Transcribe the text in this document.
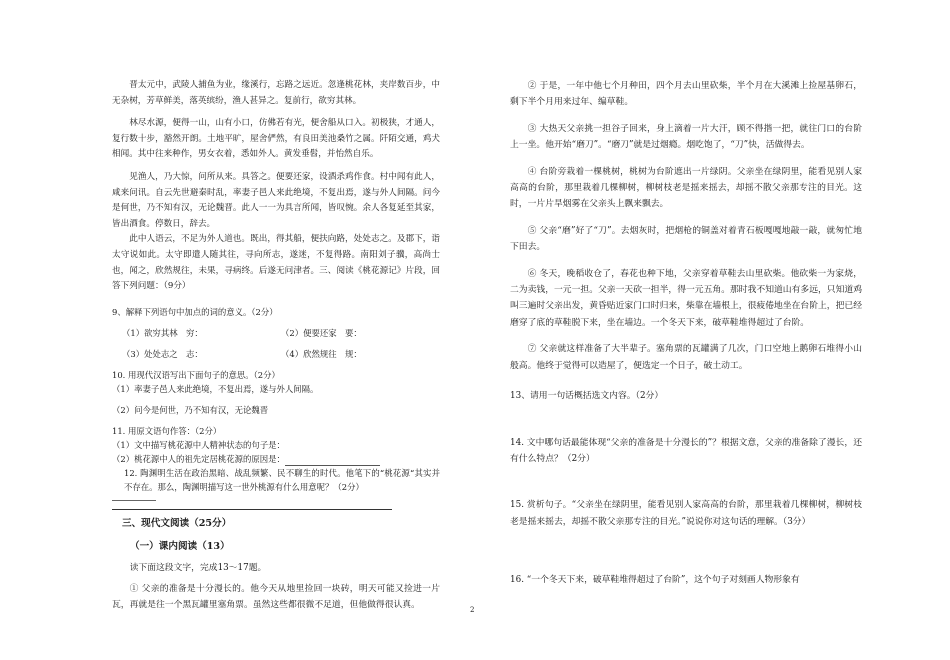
晋太元中，武陵人捕鱼为业，缘溪行，忘路之远近。忽逢桃花林，夹岸数百步，中无杂树，芳草鲜美，落英缤纷，渔人甚异之。复前行，欲穷其林。

林尽水源，便得一山，山有小口，仿佛若有光，便舍船从口入。初极狭，才通人，复行数十步，豁然开朗。土地平旷，屋舍俨然，有良田美池桑竹之属。阡陌交通，鸡犬相闻。其中往来种作，男女衣着，悉如外人。黄发垂髫，并怡然自乐。

见渔人，乃大惊，问所从来。具答之。便要还家，设酒杀鸡作食。村中闻有此人，咸来问讯。自云先世避秦时乱，率妻子邑人来此绝境，不复出焉，遂与外人间隔。问今是何世，乃不知有汉，无论魏晋。此人一一为具言所闻，皆叹惋。余人各复延至其家，皆出酒食。停数日，辞去。

此中人语云，不足为外人道也。既出，得其船，便扶向路，处处志之。及郡下，诣太守说如此。太守即遣人随其往，寻向所志，遂迷，不复得路。南阳刘子骥，高尚士也，闻之，欣然规往，未果，寻病终。后遂无问津者。三、阅读《桃花源记》片段，回答下列问题：（9分）

9、解释下列语句中加点的词的意义。（2分）

（1）欲穷其林　穷：	（2）便要还家　要：
（3）处处志之　志：	（4）欣然规往　规：

10. 用现代汉语写出下面句子的意思。（2分）

（1）率妻子邑人来此绝境，不复出焉，遂与外人间隔。

（2）问今是何世，乃不知有汉，无论魏晋

11. 用原文语句作答：（2分）

（1）文中描写桃花源中人精神状态的句子是：

（2）桃花源中人的祖先定居桃花源的原因是：

12. 陶渊明生活在政治黑暗、战乱频繁、民不聊生的时代。他笔下的“桃花源“其实并不存在。那么，陶渊明描写这一世外桃源有什么用意呢？（2分）

三、现代文阅读（25分）

（一）课内阅读（13）

读下面这段文字，完成13～17题。

① 父亲的准备是十分漫长的。他今天从地里捡回一块砖，明天可能又捡进一片瓦，再就是往一个黑瓦罐里塞角票。虽然这些都很微不足道，但他做得很认真。

② 于是，一年中他七个月种田，四个月去山里砍柴，半个月在大溪滩上捡屋基卵石，剩下半个月用来过年、编草鞋。

③ 大热天父亲挑一担谷子回来，身上滴着一片大汗，顾不得揩一把，就往门口的台阶上一坐。他开始“磨刀”。“磨刀”就是过烟瘾。烟吃饱了，“刀”快，活做得去。

④ 台阶旁栽着一棵桃树，桃树为台阶遮出一片绿阴。父亲坐在绿阴里，能看见别人家高高的台阶，那里栽着几棵柳树，柳树枝老是摇来摇去，却摇不散父亲那专注的目光。这时，一片片旱烟雾在父亲头上飘来飘去。

⑤ 父亲“磨”好了“刀”。去烟灰时，把烟枪的铜盖对着青石板嘎嘎地敲一敲，就匆忙地下田去。

⑥ 冬天，晚稻收仓了，春花也种下地，父亲穿着草鞋去山里砍柴。他砍柴一为家烧，二为卖钱，一元一担。父亲一天砍一担半，得一元五角。那时我不知道山有多远，只知道鸡叫三遍时父亲出发，黄昏贴近家门口时归来，柴靠在墙根上，很疲倦地坐在台阶上，把已经磨穿了底的草鞋脱下来，坐在墙边。一个冬天下来，破草鞋堆得超过了台阶。

⑦ 父亲就这样准备了大半辈子。塞角票的瓦罐满了几次，门口空地上鹅卵石堆得小山般高。他终于觉得可以造屋了，便选定一个日子，破土动工。

13、请用一句话概括选文内容。（2分）

14. 文中哪句话最能体现“父亲的准备是十分漫长的”？根据文意，父亲的准备除了漫长，还有什么特点？（2分）

15. 赏析句子。“父亲坐在绿阴里，能看见别人家高高的台阶，那里栽着几棵柳树，柳树枝老是摇来摇去，却摇不散父亲那专注的目光。”说说你对这句话的理解。（3分）

16. “一个冬天下来，破草鞋堆得超过了台阶”，这个句子对刻画人物形象有

2
